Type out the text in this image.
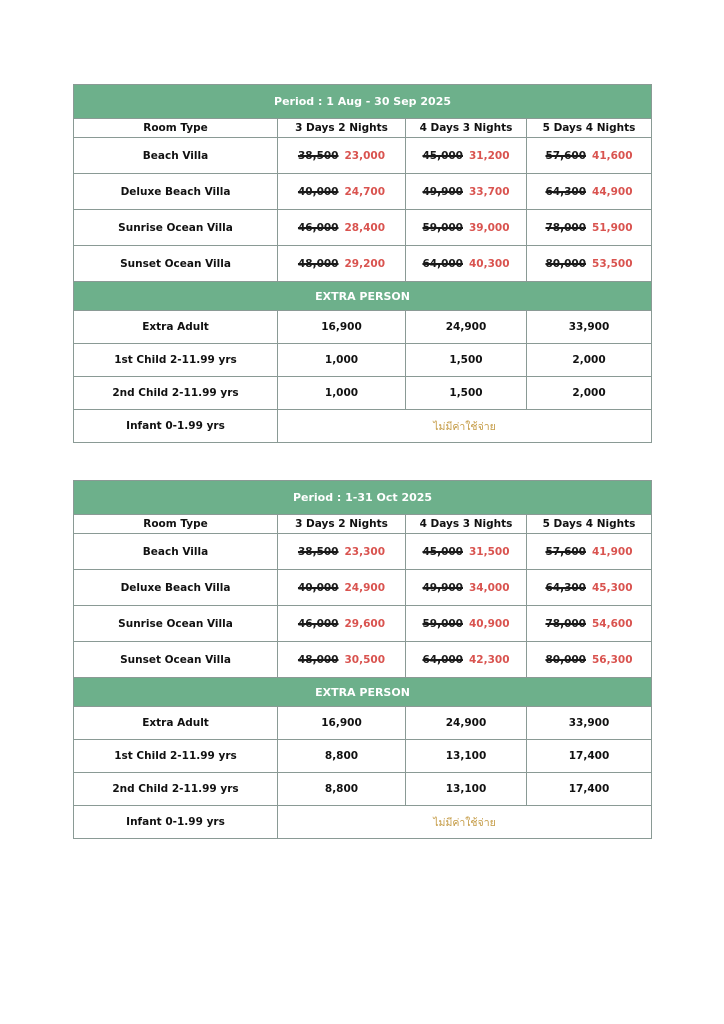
Period : 1 Aug - 30 Sep 2025			
Room Type	3 Days 2 Nights	4 Days 3 Nights	5 Days 4 Nights
Beach Villa	38,500 23,000	45,000 31,200	57,600 41,600
Deluxe Beach Villa	40,000 24,700	49,900 33,700	64,300 44,900
Sunrise Ocean Villa	46,000 28,400	59,000 39,000	78,000 51,900
Sunset Ocean Villa	48,000 29,200	64,000 40,300	80,000 53,500
EXTRA PERSON			
Extra Adult	16,900	24,900	33,900
1st Child 2-11.99 yrs	1,000	1,500	2,000
2nd Child 2-11.99 yrs	1,000	1,500	2,000
Infant 0-1.99 yrs	ไม่มีค่าใช้จ่าย		
Period : 1-31 Oct 2025			
Room Type	3 Days 2 Nights	4 Days 3 Nights	5 Days 4 Nights
Beach Villa	38,500 23,300	45,000 31,500	57,600 41,900
Deluxe Beach Villa	40,000 24,900	49,900 34,000	64,300 45,300
Sunrise Ocean Villa	46,000 29,600	59,000 40,900	78,000 54,600
Sunset Ocean Villa	48,000 30,500	64,000 42,300	80,000 56,300
EXTRA PERSON			
Extra Adult	16,900	24,900	33,900
1st Child 2-11.99 yrs	8,800	13,100	17,400
2nd Child 2-11.99 yrs	8,800	13,100	17,400
Infant 0-1.99 yrs	ไม่มีค่าใช้จ่าย		
